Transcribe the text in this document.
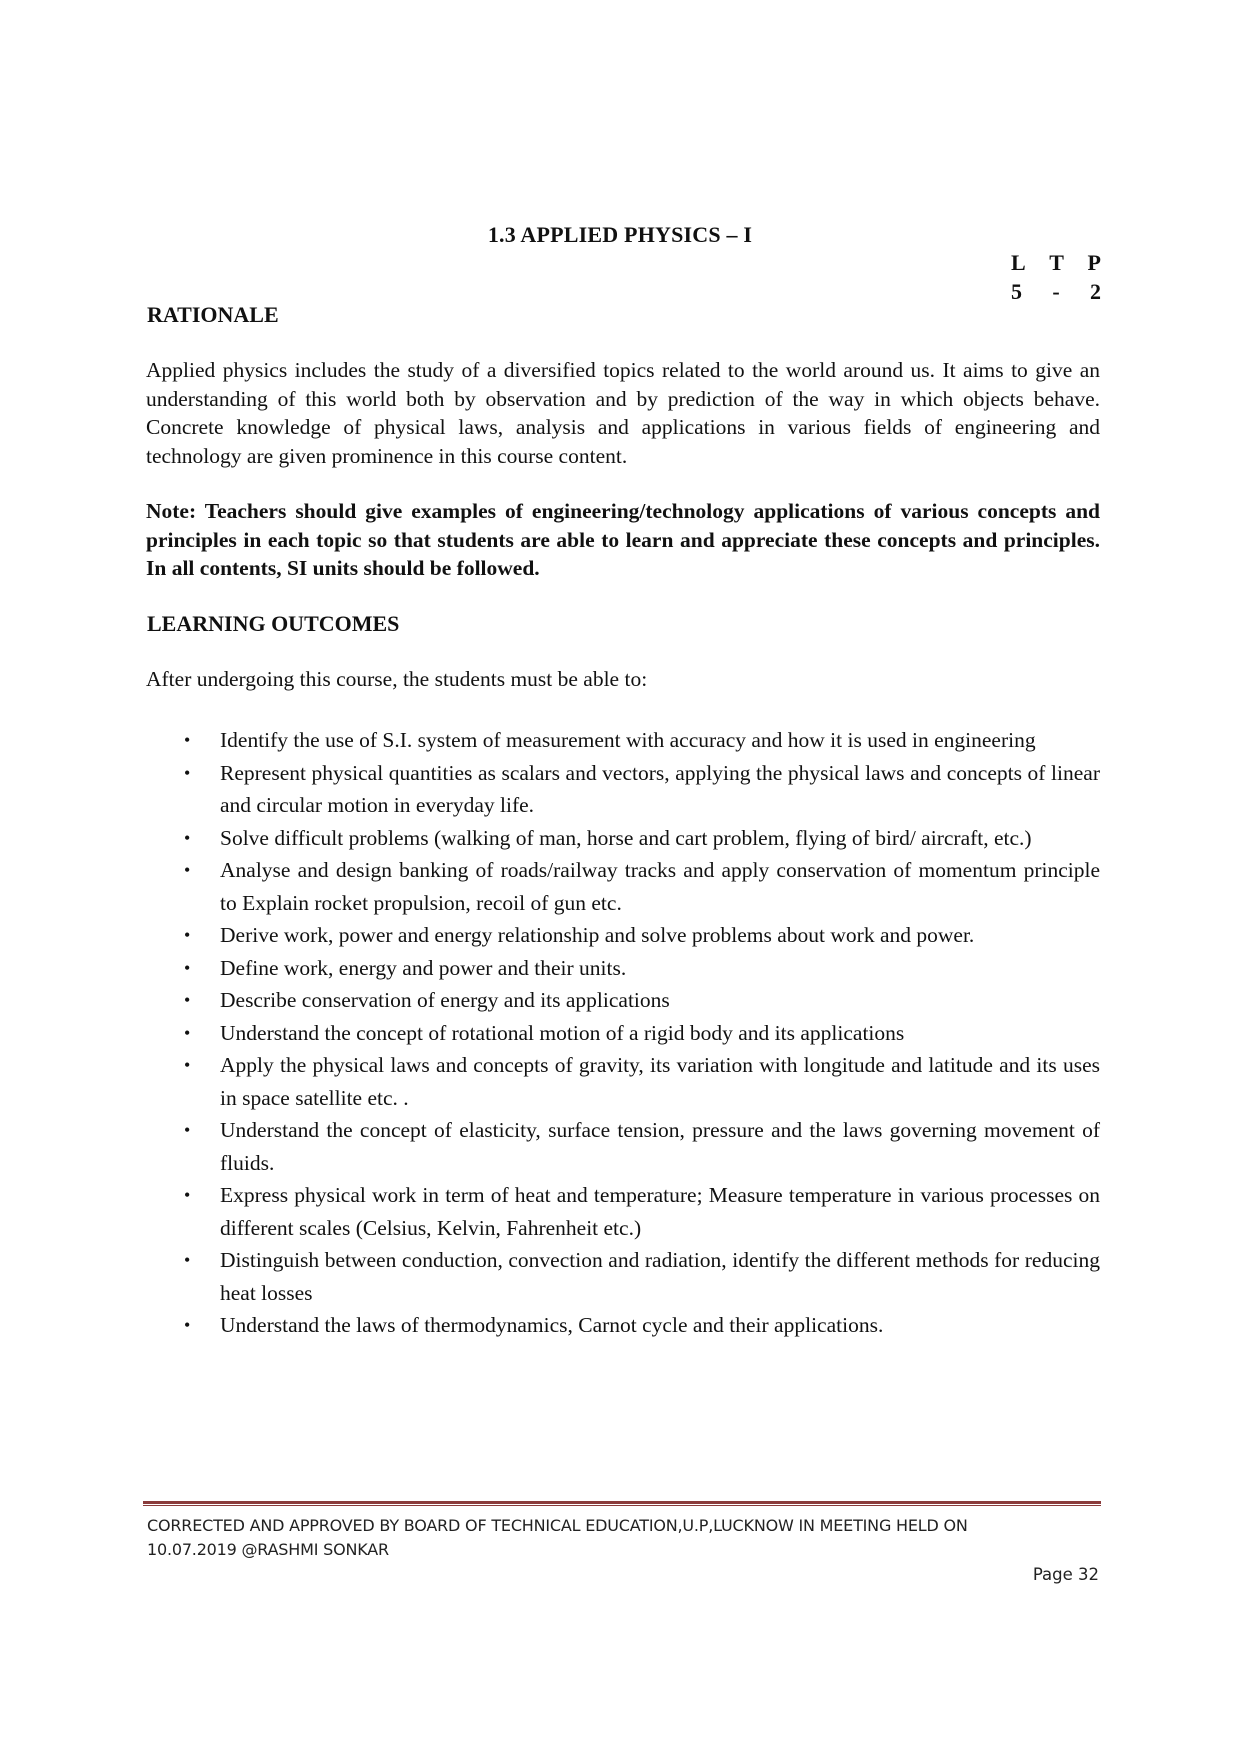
1.3 APPLIED PHYSICS – I
L T P
5 - 2
RATIONALE
Applied physics includes the study of a diversified topics related to the world around us. It aims to give an understanding of this world both by observation and by prediction of the way in which objects behave. Concrete knowledge of physical laws, analysis and applications in various fields of engineering and technology are given prominence in this course content.
Note: Teachers should give examples of engineering/technology applications of various concepts and principles in each topic so that students are able to learn and appreciate these concepts and principles. In all contents, SI units should be followed.
LEARNING OUTCOMES
After undergoing this course, the students must be able to:
• Identify the use of S.I. system of measurement with accuracy and how it is used in engineering
• Represent physical quantities as scalars and vectors, applying the physical laws and concepts of linear and circular motion in everyday life.
• Solve difficult problems (walking of man, horse and cart problem, flying of bird/ aircraft, etc.)
• Analyse and design banking of roads/railway tracks and apply conservation of momentum principle to Explain rocket propulsion, recoil of gun etc.
• Derive work, power and energy relationship and solve problems about work and power.
• Define work, energy and power and their units.
• Describe conservation of energy and its applications
• Understand the concept of rotational motion of a rigid body and its applications
• Apply the physical laws and concepts of gravity, its variation with longitude and latitude and its uses in space satellite etc. .
• Understand the concept of elasticity, surface tension, pressure and the laws governing movement of fluids.
• Express physical work in term of heat and temperature; Measure temperature in various processes on different scales (Celsius, Kelvin, Fahrenheit etc.)
• Distinguish between conduction, convection and radiation, identify the different methods for reducing heat losses
• Understand the laws of thermodynamics, Carnot cycle and their applications.
CORRECTED AND APPROVED BY BOARD OF TECHNICAL EDUCATION,U.P,LUCKNOW IN MEETING HELD ON
10.07.2019 @RASHMI SONKAR
Page 32
